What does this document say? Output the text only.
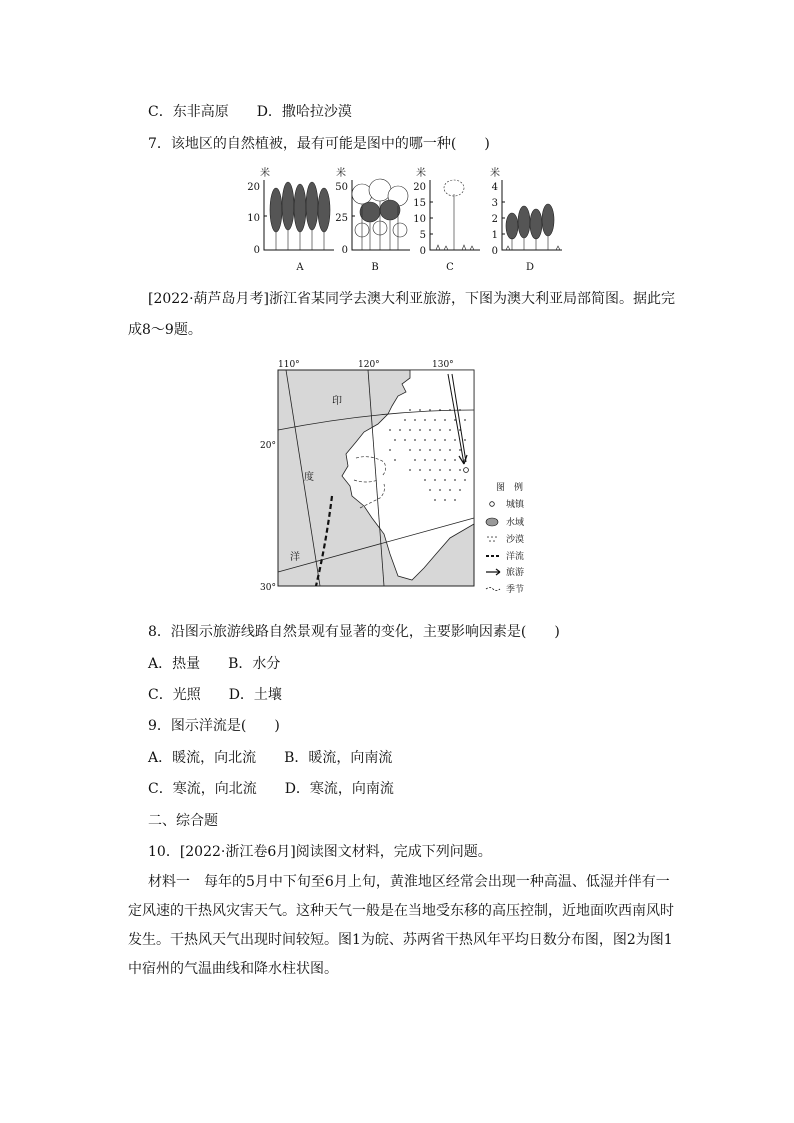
C．东非高原　　D．撒哈拉沙漠
7．该地区的自然植被，最有可能是图中的哪一种(　　)
米
20
10
0
A
米
50
25
0
B
米
20
15
10
5
0
C
米
4
3
2
1
0
D
[2022·葫芦岛月考]浙江省某同学去澳大利亚旅游，下图为澳大利亚局部简图。据此完
成8～9题。
110°	120°	130°
20°
30°
印
度
洋
图　例
城镇
水域
沙漠
洋流
旅游
季节
8．沿图示旅游线路自然景观有显著的变化，主要影响因素是(　　)
A．热量　　B．水分
C．光照　　D．土壤
9．图示洋流是(　　)
A．暖流，向北流　　B．暖流，向南流
C．寒流，向北流　　D．寒流，向南流
二、综合题
10．[2022·浙江卷6月]阅读图文材料，完成下列问题。
材料一　每年的5月中下旬至6月上旬，黄淮地区经常会出现一种高温、低湿并伴有一定风速的干热风灾害天气。这种天气一般是在当地受东移的高压控制，近地面吹西南风时发生。干热风天气出现时间较短。图1为皖、苏两省干热风年平均日数分布图，图2为图1中宿州的气温曲线和降水柱状图。
